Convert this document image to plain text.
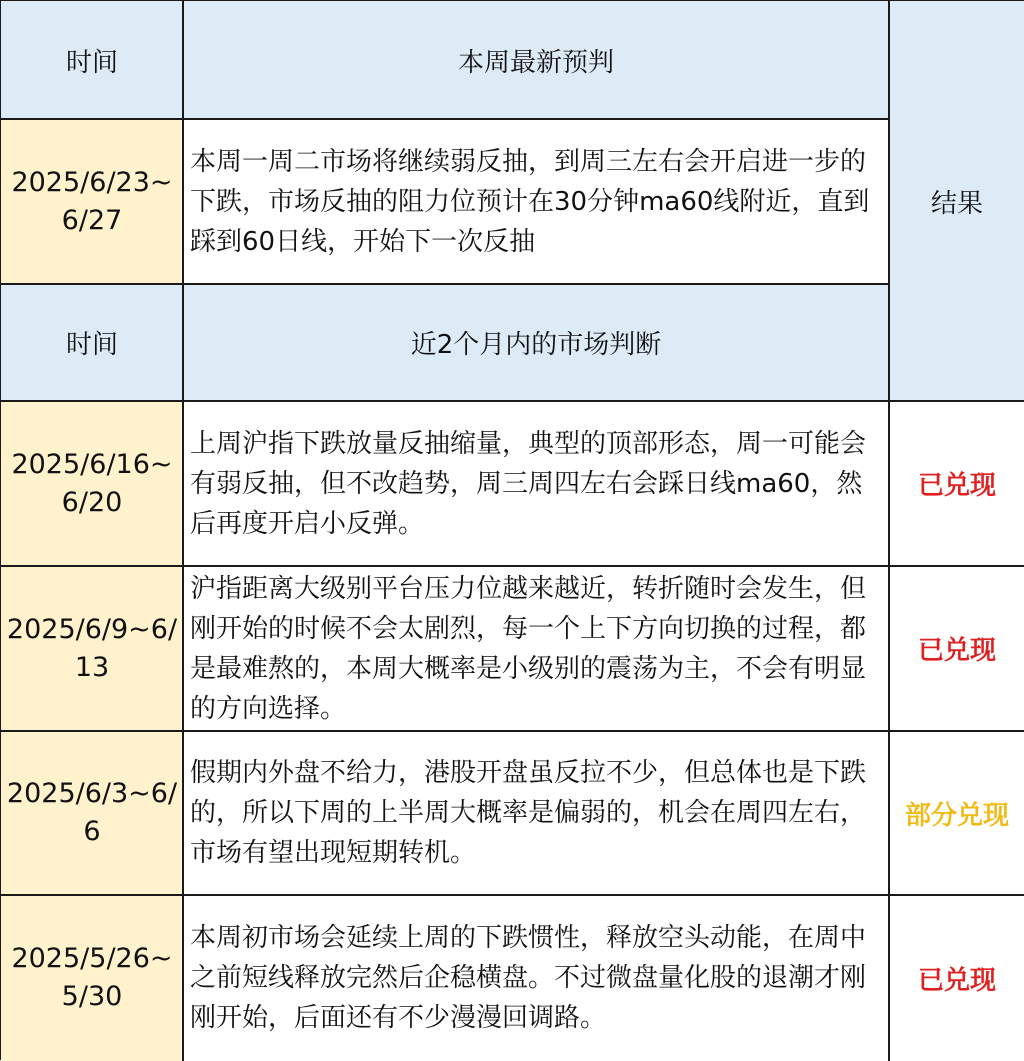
时间	本周最新预判
结果
2025/6/23~ 6/27
本周一周二市场将继续弱反抽，到周三左右会开启进一步的下跌，市场反抽的阻力位预计在30分钟ma60线附近，直到踩到60日线，开始下一次反抽
时间	近2个月内的市场判断
2025/6/16~ 6/20
上周沪指下跌放量反抽缩量，典型的顶部形态，周一可能会有弱反抽，但不改趋势，周三周四左右会踩日线ma60，然后再度开启小反弹。
已兑现
2025/6/9~6/ 13
沪指距离大级别平台压力位越来越近，转折随时会发生，但刚开始的时候不会太剧烈，每一个上下方向切换的过程，都是最难熬的，本周大概率是小级别的震荡为主，不会有明显的方向选择。
已兑现
2025/6/3~6/ 6
假期内外盘不给力，港股开盘虽反拉不少，但总体也是下跌的，所以下周的上半周大概率是偏弱的，机会在周四左右，市场有望出现短期转机。
部分兑现
2025/5/26~ 5/30
本周初市场会延续上周的下跌惯性，释放空头动能，在周中之前短线释放完然后企稳横盘。不过微盘量化股的退潮才刚刚开始，后面还有不少漫漫回调路。
已兑现
